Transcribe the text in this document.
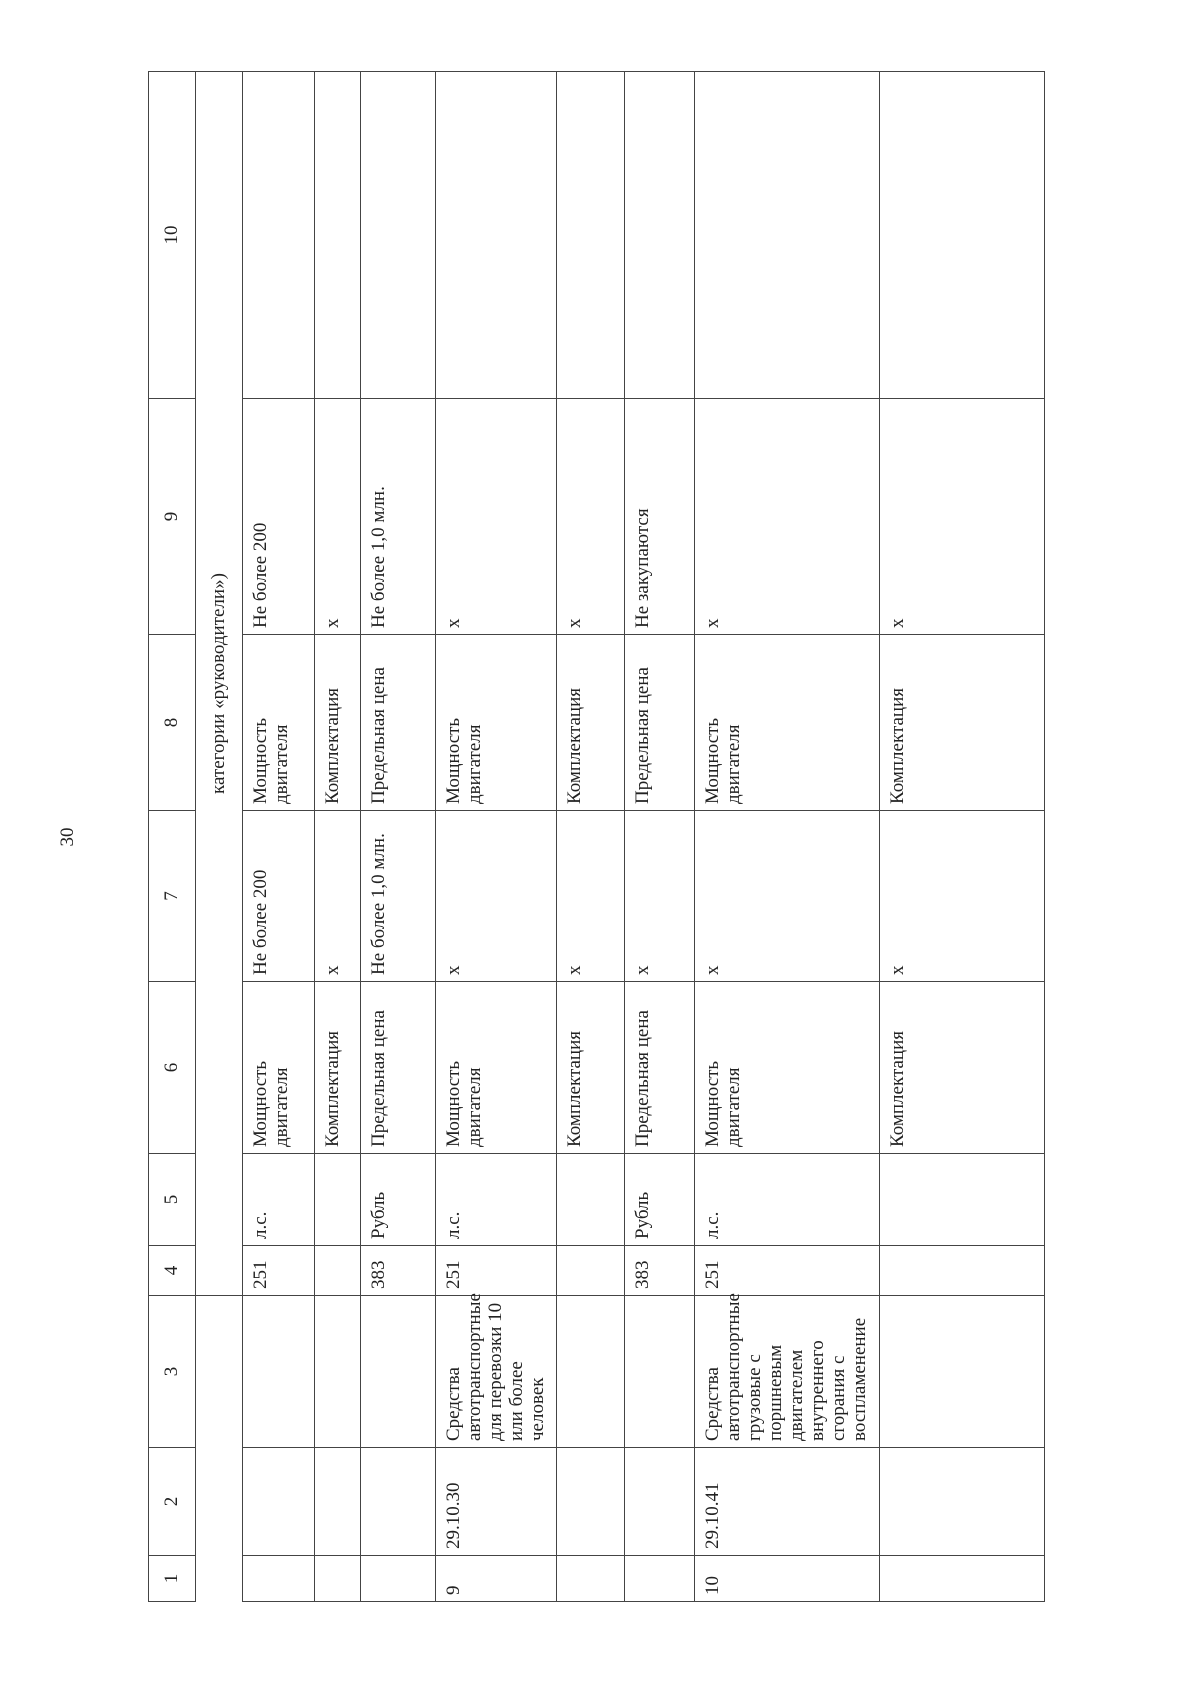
30
1	2	3	4	5	6	7	8	9	10
			категории «руководители»)						
			251	л.с.	Мощность двигателя	Не более 200	Мощность двигателя	Не более 200	
					Комплектация	х	Комплектация	х	
			383	Рубль	Предельная цена	Не более 1,0 млн.	Предельная цена	Не более 1,0 млн.	
9	29.10.30	Средства автотранспортные для перевозки 10 или более человек	251	л.с.	Мощность двигателя	х	Мощность двигателя	х	
					Комплектация	х	Комплектация	х	
			383	Рубль	Предельная цена	х	Предельная цена	Не закупаются	
10	29.10.41	Средства автотранспортные грузовые с поршневым двигателем внутреннего сгорания с воспламенение	251	л.с.	Мощность двигателя	х	Мощность двигателя	х	
					Комплектация	х	Комплектация	х	
